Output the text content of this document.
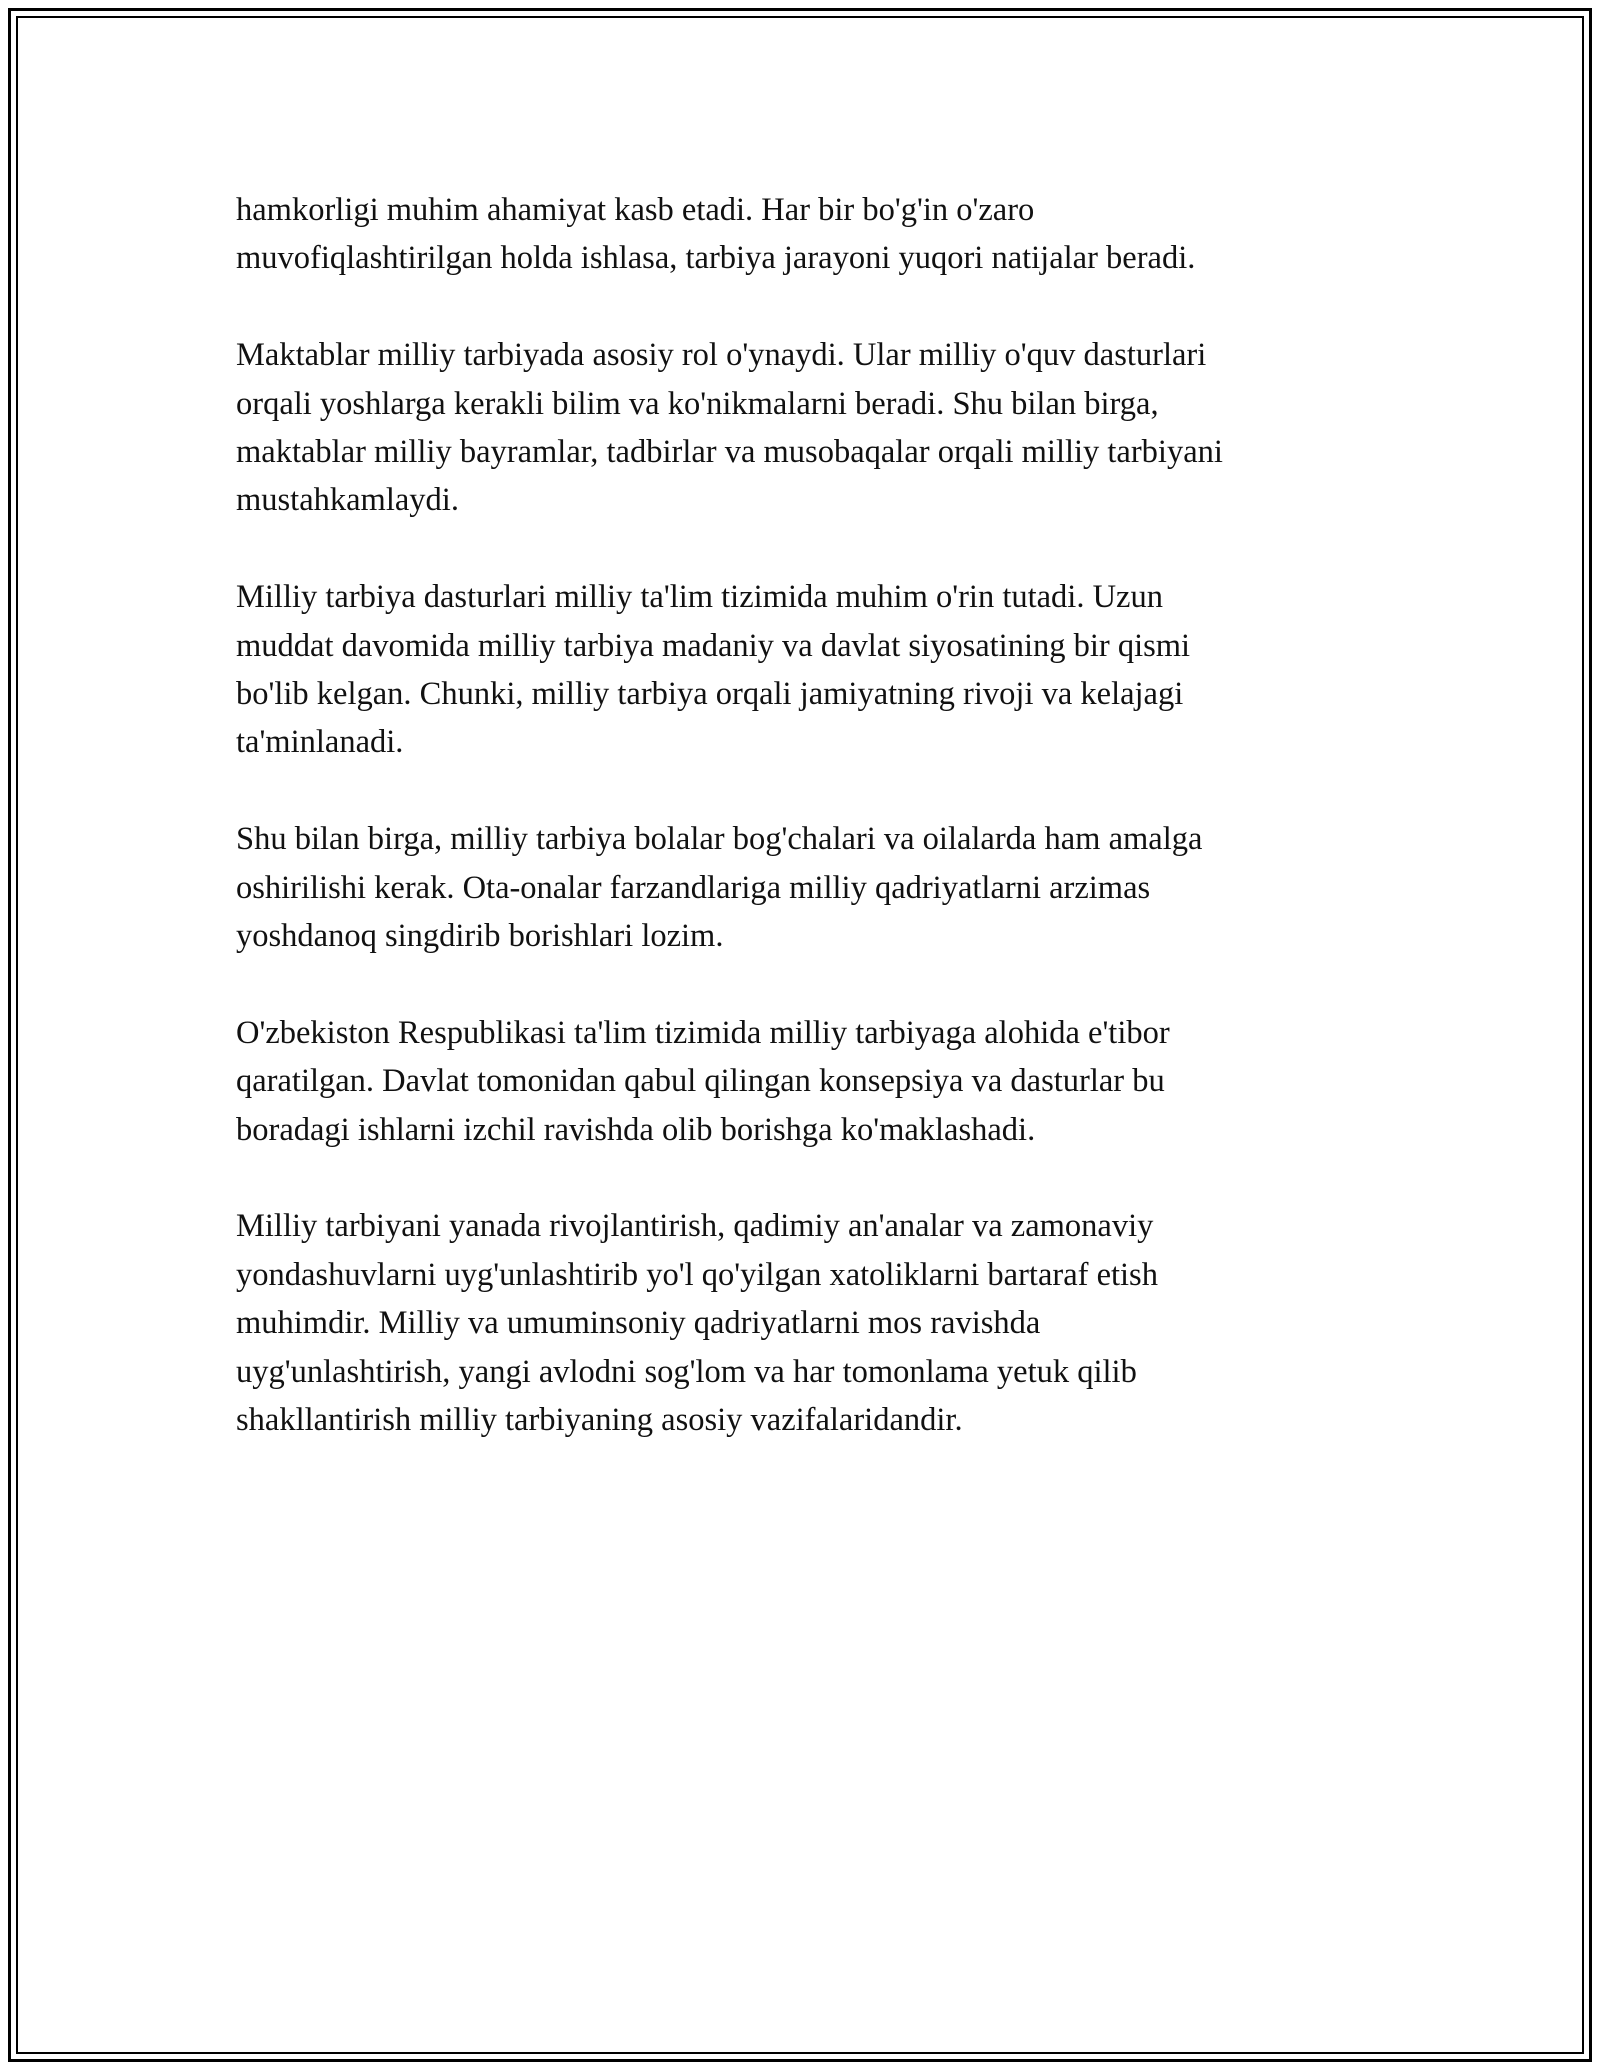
hamkorligi muhim ahamiyat kasb etadi. Har bir bo'g'in o'zaro
muvofiqlashtirilgan holda ishlasa, tarbiya jarayoni yuqori natijalar beradi.

Maktablar milliy tarbiyada asosiy rol o'ynaydi. Ular milliy o'quv dasturlari
orqali yoshlarga kerakli bilim va ko'nikmalarni beradi. Shu bilan birga,
maktablar milliy bayramlar, tadbirlar va musobaqalar orqali milliy tarbiyani
mustahkamlaydi.

Milliy tarbiya dasturlari milliy ta'lim tizimida muhim o'rin tutadi. Uzun
muddat davomida milliy tarbiya madaniy va davlat siyosatining bir qismi
bo'lib kelgan. Chunki, milliy tarbiya orqali jamiyatning rivoji va kelajagi
ta'minlanadi.

Shu bilan birga, milliy tarbiya bolalar bog'chalari va oilalarda ham amalga
oshirilishi kerak. Ota-onalar farzandlariga milliy qadriyatlarni arzimas
yoshdanoq singdirib borishlari lozim.

O'zbekiston Respublikasi ta'lim tizimida milliy tarbiyaga alohida e'tibor
qaratilgan. Davlat tomonidan qabul qilingan konsepsiya va dasturlar bu
boradagi ishlarni izchil ravishda olib borishga ko'maklashadi.

Milliy tarbiyani yanada rivojlantirish, qadimiy an'analar va zamonaviy
yondashuvlarni uyg'unlashtirib yo'l qo'yilgan xatoliklarni bartaraf etish
muhimdir. Milliy va umuminsoniy qadriyatlarni mos ravishda
uyg'unlashtirish, yangi avlodni sog'lom va har tomonlama yetuk qilib
shakllantirish milliy tarbiyaning asosiy vazifalaridandir.
